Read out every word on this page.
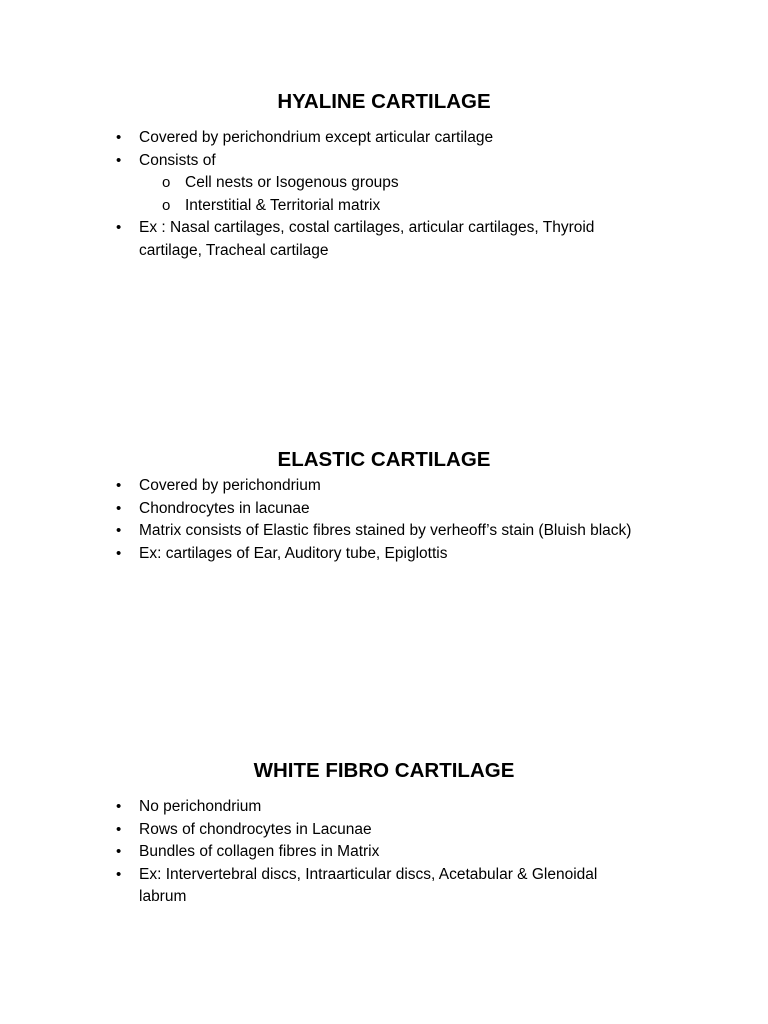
HYALINE CARTILAGE
• Covered by perichondrium except articular cartilage
• Consists of
o Cell nests or Isogenous groups
o Interstitial & Territorial matrix
• Ex : Nasal cartilages, costal cartilages, articular cartilages, Thyroid
cartilage, Tracheal cartilage
ELASTIC CARTILAGE
• Covered by perichondrium
• Chondrocytes in lacunae
• Matrix consists of Elastic fibres stained by verheoff’s stain (Bluish black)
• Ex: cartilages of Ear, Auditory tube, Epiglottis
WHITE FIBRO CARTILAGE
• No perichondrium
• Rows of chondrocytes in Lacunae
• Bundles of collagen fibres in Matrix
• Ex: Intervertebral discs, Intraarticular discs, Acetabular & Glenoidal
labrum
